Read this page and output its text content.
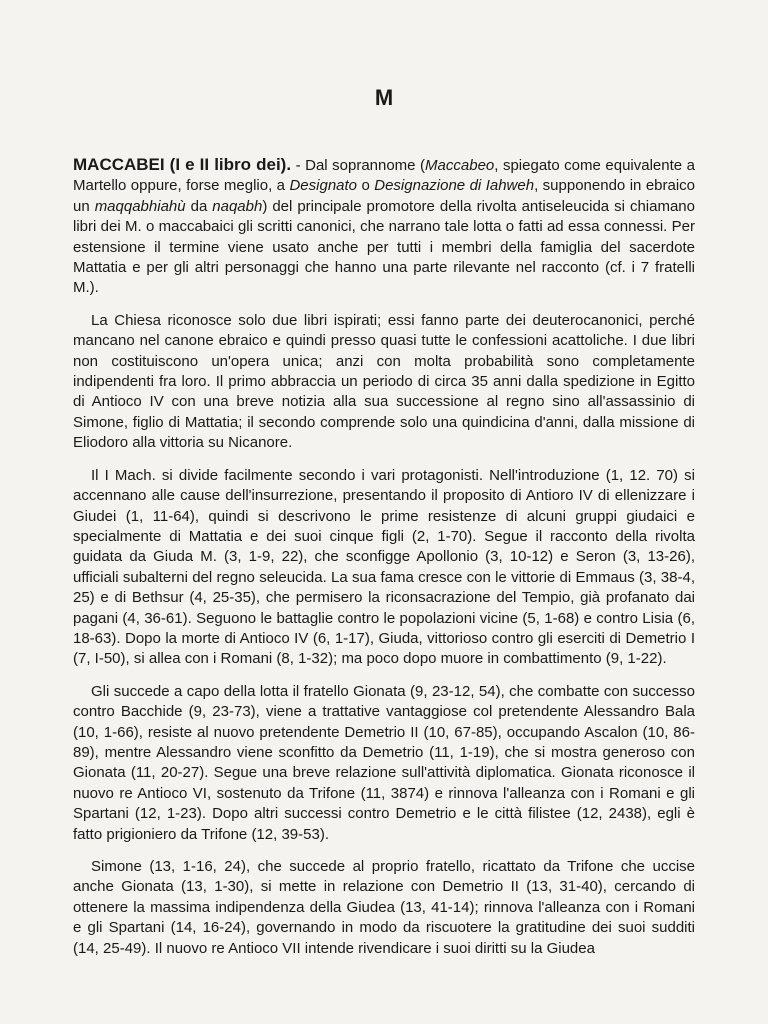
M

MACCABEI (I e II libro dei). - Dal soprannome (Maccabeo, spiegato come equivalente a Martello oppure, forse meglio, a Designato o Designazione di Iahweh, supponendo in ebraico un maqqabhiahù da naqabh) del principale promotore della rivolta antiseleucida si chiamano libri dei M. o maccabaici gli scritti canonici, che narrano tale lotta o fatti ad essa connessi. Per estensione il termine viene usato anche per tutti i membri della famiglia del sacerdote Mattatia e per gli altri personaggi che hanno una parte rilevante nel racconto (cf. i 7 fratelli M.).

La Chiesa riconosce solo due libri ispirati; essi fanno parte dei deuterocanonici, perché mancano nel canone ebraico e quindi presso quasi tutte le confessioni acattoliche. I due libri non costituiscono un'opera unica; anzi con molta probabilità sono completamente indipendenti fra loro. Il primo abbraccia un periodo di circa 35 anni dalla spedizione in Egitto di Antioco IV con una breve notizia alla sua successione al regno sino all'assassinio di Simone, figlio di Mattatia; il secondo comprende solo una quindicina d'anni, dalla missione di Eliodoro alla vittoria su Nicanore.

Il I Mach. si divide facilmente secondo i vari protagonisti. Nell'introduzione (1, 12. 70) si accennano alle cause dell'insurrezione, presentando il proposito di Antioro IV di ellenizzare i Giudei (1, 11-64), quindi si descrivono le prime resistenze di alcuni gruppi giudaici e specialmente di Mattatia e dei suoi cinque figli (2, 1-70). Segue il racconto della rivolta guidata da Giuda M. (3, 1-9, 22), che sconfigge Apollonio (3, 10-12) e Seron (3, 13-26), ufficiali subalterni del regno seleucida. La sua fama cresce con le vittorie di Emmaus (3, 38-4, 25) e di Bethsur (4, 25-35), che permisero la riconsacrazione del Tempio, già profanato dai pagani (4, 36-61). Seguono le battaglie contro le popolazioni vicine (5, 1-68) e contro Lisia (6, 18-63). Dopo la morte di Antioco IV (6, 1-17), Giuda, vittorioso contro gli eserciti di Demetrio I (7, I-50), si allea con i Romani (8, 1-32); ma poco dopo muore in combattimento (9, 1-22).

Gli succede a capo della lotta il fratello Gionata (9, 23-12, 54), che combatte con successo contro Bacchide (9, 23-73), viene a trattative vantaggiose col pretendente Alessandro Bala (10, 1-66), resiste al nuovo pretendente Demetrio II (10, 67-85), occupando Ascalon (10, 86-89), mentre Alessandro viene sconfitto da Demetrio (11, 1-19), che si mostra generoso con Gionata (11, 20-27). Segue una breve relazione sull'attività diplomatica. Gionata riconosce il nuovo re Antioco VI, sostenuto da Trifone (11, 3874) e rinnova l'alleanza con i Romani e gli Spartani (12, 1-23). Dopo altri successi contro Demetrio e le città filistee (12, 2438), egli è fatto prigioniero da Trifone (12, 39-53).

Simone (13, 1-16, 24), che succede al proprio fratello, ricattato da Trifone che uccise anche Gionata (13, 1-30), si mette in relazione con Demetrio II (13, 31-40), cercando di ottenere la massima indipendenza della Giudea (13, 41-14); rinnova l'alleanza con i Romani e gli Spartani (14, 16-24), governando in modo da riscuotere la gratitudine dei suoi sudditi (14, 25-49). Il nuovo re Antioco VII intende rivendicare i suoi diritti su la Giudea
